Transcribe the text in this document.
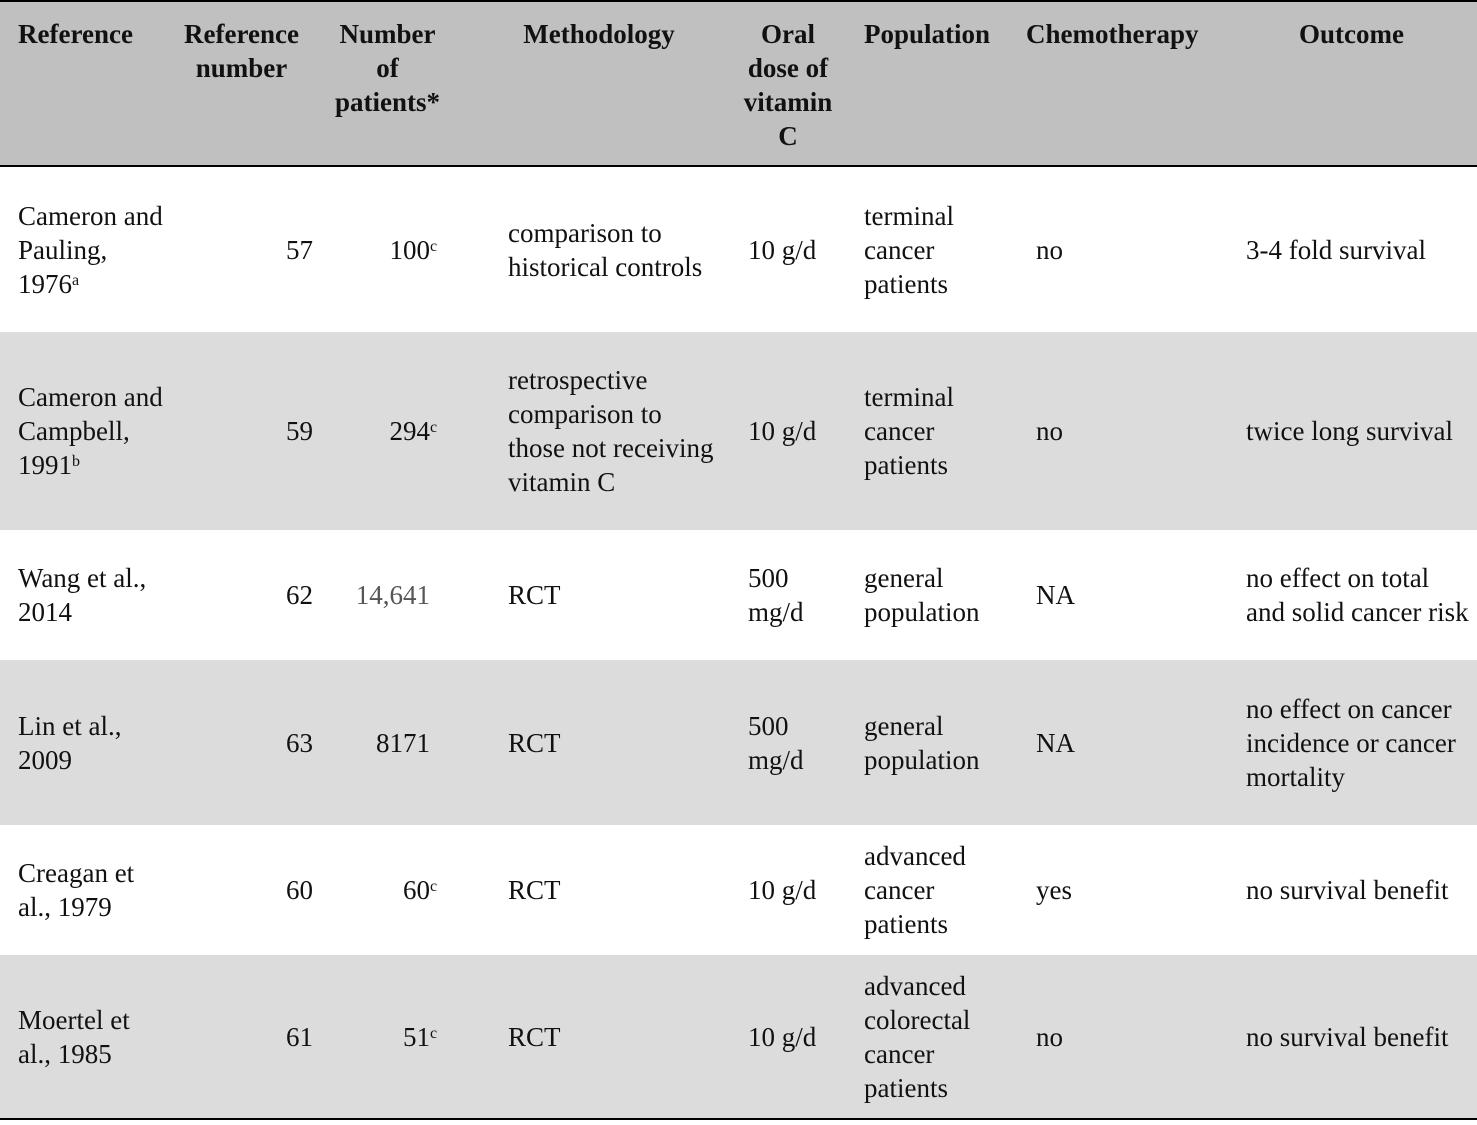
Reference	Reference number	Number of patients*	Methodology	Oral dose of vitamin C	Population	Chemotherapy	Outcome
Cameron and Pauling, 1976$^a$	57	100$^c$	comparison to historical controls	10 g/d	terminal cancer patients	no	3-4 fold survival
Cameron and Campbell, 1991$^b$	59	294$^c$	retrospective comparison to those not receiving vitamin C	10 g/d	terminal cancer patients	no	twice long survival
Wang et al., 2014	62	14,641	RCT	500 mg/d	general population	NA	no effect on total and solid cancer risk
Lin et al., 2009	63	8171	RCT	500 mg/d	general population	NA	no effect on cancer incidence or cancer mortality
Creagan et al., 1979	60	60$^c$	RCT	10 g/d	advanced cancer patients	yes	no survival benefit
Moertel et al., 1985	61	51$^c$	RCT	10 g/d	advanced colorectal cancer patients	no	no survival benefit
